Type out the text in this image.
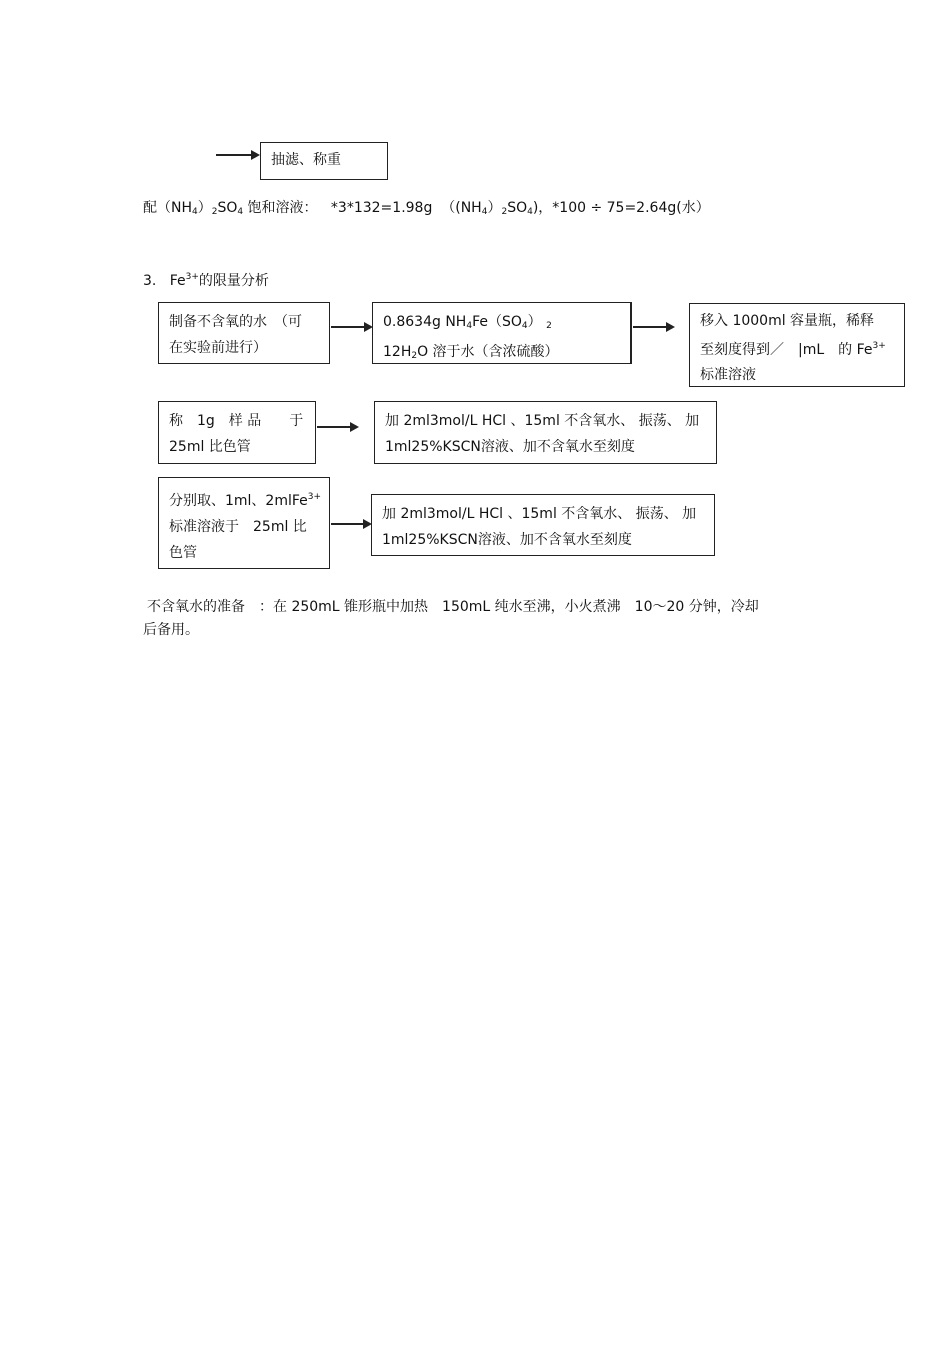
抽滤、称重
配$(NH_4)_2SO_4$ 饱和溶液： *3*132=1.98g $((NH_4)_2SO_4)$，*100 ÷ 75=2.64g(水）
3. $Fe^{3+}$的限量分析
制备不含氧的水　（可
在实验前进行）
0.8634g $NH_4Fe(SO_4)$ $_2$
$12H_2O$ 溶于水（含浓硫酸）
移入 1000ml 容量瓶，稀释
至刻度得到／　|mL　的 $Fe^{3+}$
标准溶液
称　1g　样 品　　于
25ml 比色管
加 2ml3mol/L HCl 、15ml 不含氧水、 振荡、 加
1ml25%KSCN溶液、加不含氧水至刻度
分别取、1ml、2mlFe$^{3+}$
标准溶液于　25ml 比
色管
加 2ml3mol/L HCl 、15ml 不含氧水、 振荡、 加
1ml25%KSCN溶液、加不含氧水至刻度
不含氧水的准备　：在 250mL 锥形瓶中加热　150mL 纯水至沸，小火煮沸　10～20 分钟，冷却
后备用。
